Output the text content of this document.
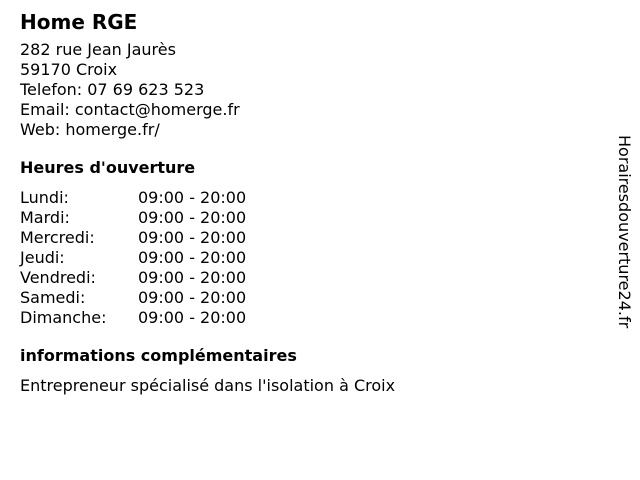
Home RGE
282 rue Jean Jaurès
59170 Croix
Telefon: 07 69 623 523
Email: contact@homerge.fr
Web: homerge.fr/
Heures d'ouverture
Lundi:	09:00 - 20:00
Mardi:	09:00 - 20:00
Mercredi:	09:00 - 20:00
Jeudi:	09:00 - 20:00
Vendredi:	09:00 - 20:00
Samedi:	09:00 - 20:00
Dimanche:	09:00 - 20:00
informations complémentaires
Entrepreneur spécialisé dans l'isolation à Croix
Horairesdouverture24.fr
